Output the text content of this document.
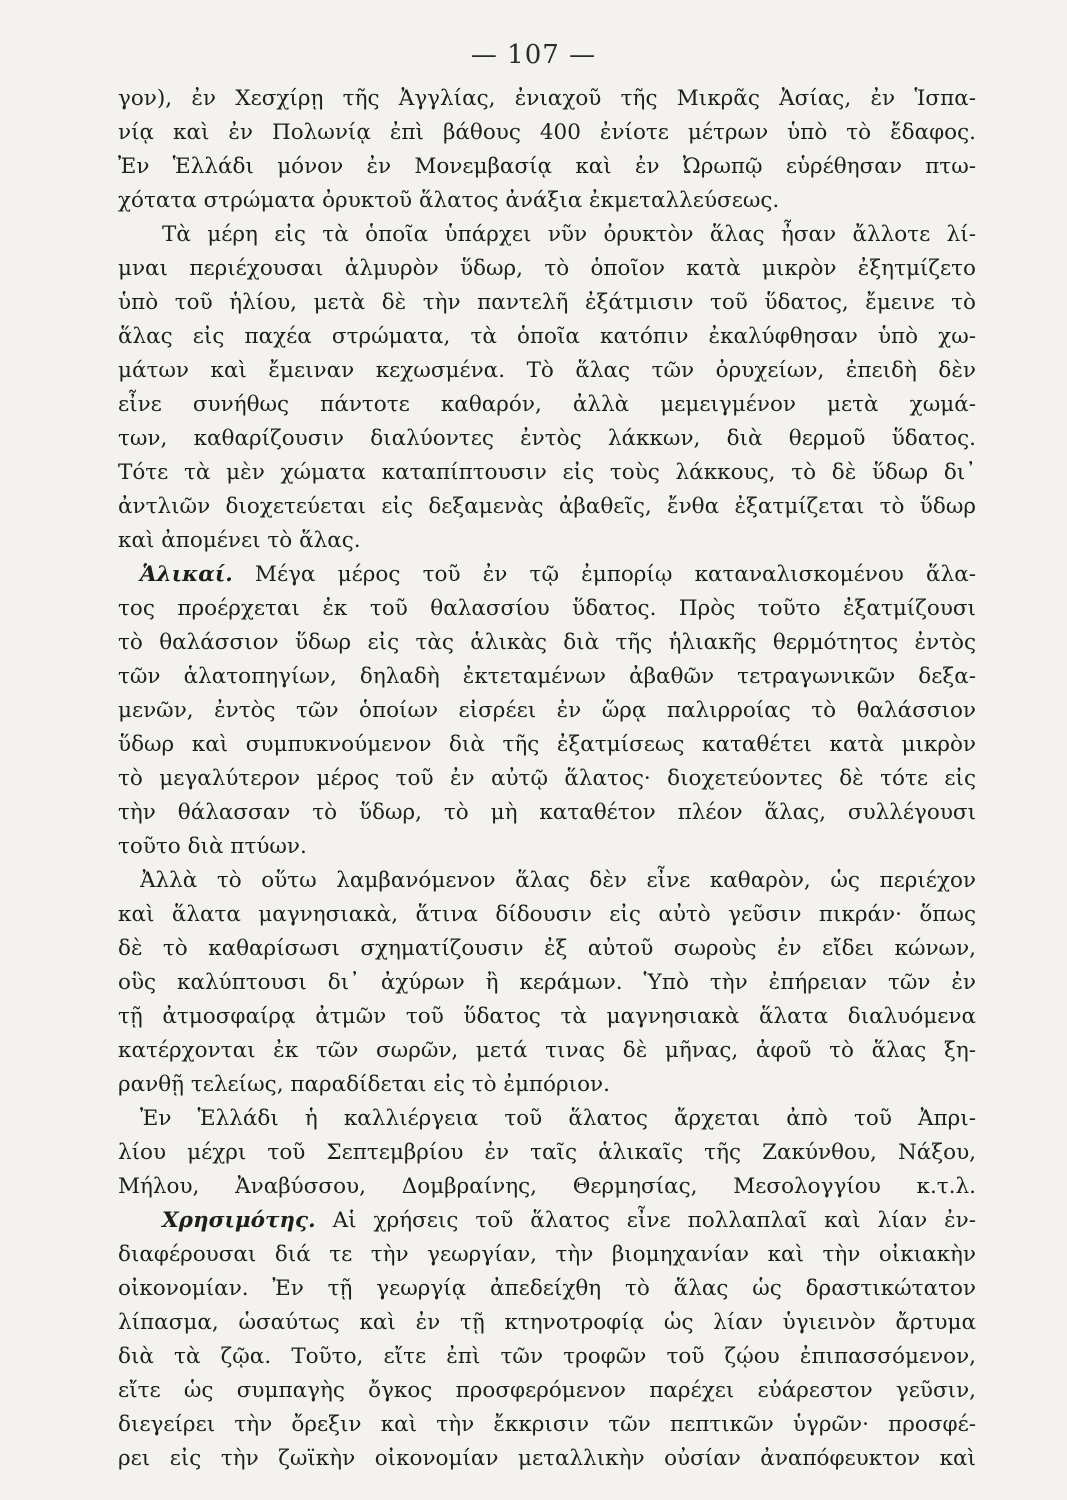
— 107 —
γον), ἐν Χεσχίρῃ τῆς Ἀγγλίας, ἐνιαχοῦ τῆς Μικρᾶς Ἀσίας, ἐν Ἱσπα-
νίᾳ καὶ ἐν Πολωνίᾳ ἐπὶ βάθους 400 ἐνίοτε μέτρων ὑπὸ τὸ ἔδαφος.
Ἐν Ἑλλάδι μόνον ἐν Μονεμβασίᾳ καὶ ἐν Ὠρωπῷ εὑρέθησαν πτω-
χότατα στρώματα ὀρυκτοῦ ἅλατος ἀνάξια ἐκμεταλλεύσεως.
Τὰ μέρη εἰς τὰ ὁποῖα ὑπάρχει νῦν ὀρυκτὸν ἅλας ἦσαν ἄλλοτε λί-
μναι περιέχουσαι ἁλμυρὸν ὕδωρ, τὸ ὁποῖον κατὰ μικρὸν ἐξητμίζετο
ὑπὸ τοῦ ἡλίου, μετὰ δὲ τὴν παντελῆ ἐξάτμισιν τοῦ ὕδατος, ἔμεινε τὸ
ἅλας εἰς παχέα στρώματα, τὰ ὁποῖα κατόπιν ἐκαλύφθησαν ὑπὸ χω-
μάτων καὶ ἔμειναν κεχωσμένα. Τὸ ἅλας τῶν ὀρυχείων, ἐπειδὴ δὲν
εἶνε συνήθως πάντοτε καθαρόν, ἀλλὰ μεμειγμένον μετὰ χωμά-
των, καθαρίζουσιν διαλύοντες ἐντὸς λάκκων, διὰ θερμοῦ ὕδατος.
Τότε τὰ μὲν χώματα καταπίπτουσιν εἰς τοὺς λάκκους, τὸ δὲ ὕδωρ δι᾽
ἀντλιῶν διοχετεύεται εἰς δεξαμενὰς ἀβαθεῖς, ἔνθα ἐξατμίζεται τὸ ὕδωρ
καὶ ἀπομένει τὸ ἅλας.
Ἁλικαί. Μέγα μέρος τοῦ ἐν τῷ ἐμπορίῳ καταναλισκομένου ἅλα-
τος προέρχεται ἐκ τοῦ θαλασσίου ὕδατος. Πρὸς τοῦτο ἐξατμίζουσι
τὸ θαλάσσιον ὕδωρ εἰς τὰς ἁλικὰς διὰ τῆς ἡλιακῆς θερμότητος ἐντὸς
τῶν ἁλατοπηγίων, δηλαδὴ ἐκτεταμένων ἀβαθῶν τετραγωνικῶν δεξα-
μενῶν, ἐντὸς τῶν ὁποίων εἰσρέει ἐν ὥρᾳ παλιρροίας τὸ θαλάσσιον
ὕδωρ καὶ συμπυκνούμενον διὰ τῆς ἐξατμίσεως καταθέτει κατὰ μικρὸν
τὸ μεγαλύτερον μέρος τοῦ ἐν αὐτῷ ἅλατος· διοχετεύοντες δὲ τότε εἰς
τὴν θάλασσαν τὸ ὕδωρ, τὸ μὴ καταθέτον πλέον ἅλας, συλλέγουσι
τοῦτο διὰ πτύων.
Ἀλλὰ τὸ οὕτω λαμβανόμενον ἅλας δὲν εἶνε καθαρὸν, ὡς περιέχον
καὶ ἅλατα μαγνησιακὰ, ἅτινα δίδουσιν εἰς αὐτὸ γεῦσιν πικράν· ὅπως
δὲ τὸ καθαρίσωσι σχηματίζουσιν ἐξ αὐτοῦ σωροὺς ἐν εἴδει κώνων,
οὓς καλύπτουσι δι᾽ ἀχύρων ἢ κεράμων. Ὑπὸ τὴν ἐπήρειαν τῶν ἐν
τῇ ἀτμοσφαίρᾳ ἀτμῶν τοῦ ὕδατος τὰ μαγνησιακὰ ἅλατα διαλυόμενα
κατέρχονται ἐκ τῶν σωρῶν, μετά τινας δὲ μῆνας, ἀφοῦ τὸ ἅλας ξη-
ρανθῇ τελείως, παραδίδεται εἰς τὸ ἐμπόριον.
Ἐν Ἑλλάδι ἡ καλλιέργεια τοῦ ἅλατος ἄρχεται ἀπὸ τοῦ Ἀπρι-
λίου μέχρι τοῦ Σεπτεμβρίου ἐν ταῖς ἁλικαῖς τῆς Ζακύνθου, Νάξου,
Μήλου, Ἀναβύσσου, Δομβραίνης, Θερμησίας, Μεσολογγίου κ.τ.λ.
Χρησιμότης. Αἱ χρήσεις τοῦ ἅλατος εἶνε πολλαπλαῖ καὶ λίαν ἐν-
διαφέρουσαι διά τε τὴν γεωργίαν, τὴν βιομηχανίαν καὶ τὴν οἰκιακὴν
οἰκονομίαν. Ἐν τῇ γεωργίᾳ ἀπεδείχθη τὸ ἅλας ὡς δραστικώτατον
λίπασμα, ὡσαύτως καὶ ἐν τῇ κτηνοτροφίᾳ ὡς λίαν ὑγιεινὸν ἄρτυμα
διὰ τὰ ζῷα. Τοῦτο, εἴτε ἐπὶ τῶν τροφῶν τοῦ ζῴου ἐπιπασσόμενον,
εἴτε ὡς συμπαγὴς ὄγκος προσφερόμενον παρέχει εὐάρεστον γεῦσιν,
διεγείρει τὴν ὄρεξιν καὶ τὴν ἔκκρισιν τῶν πεπτικῶν ὑγρῶν· προσφέ-
ρει εἰς τὴν ζωϊκὴν οἰκονομίαν μεταλλικὴν οὐσίαν ἀναπόφευκτον καὶ
